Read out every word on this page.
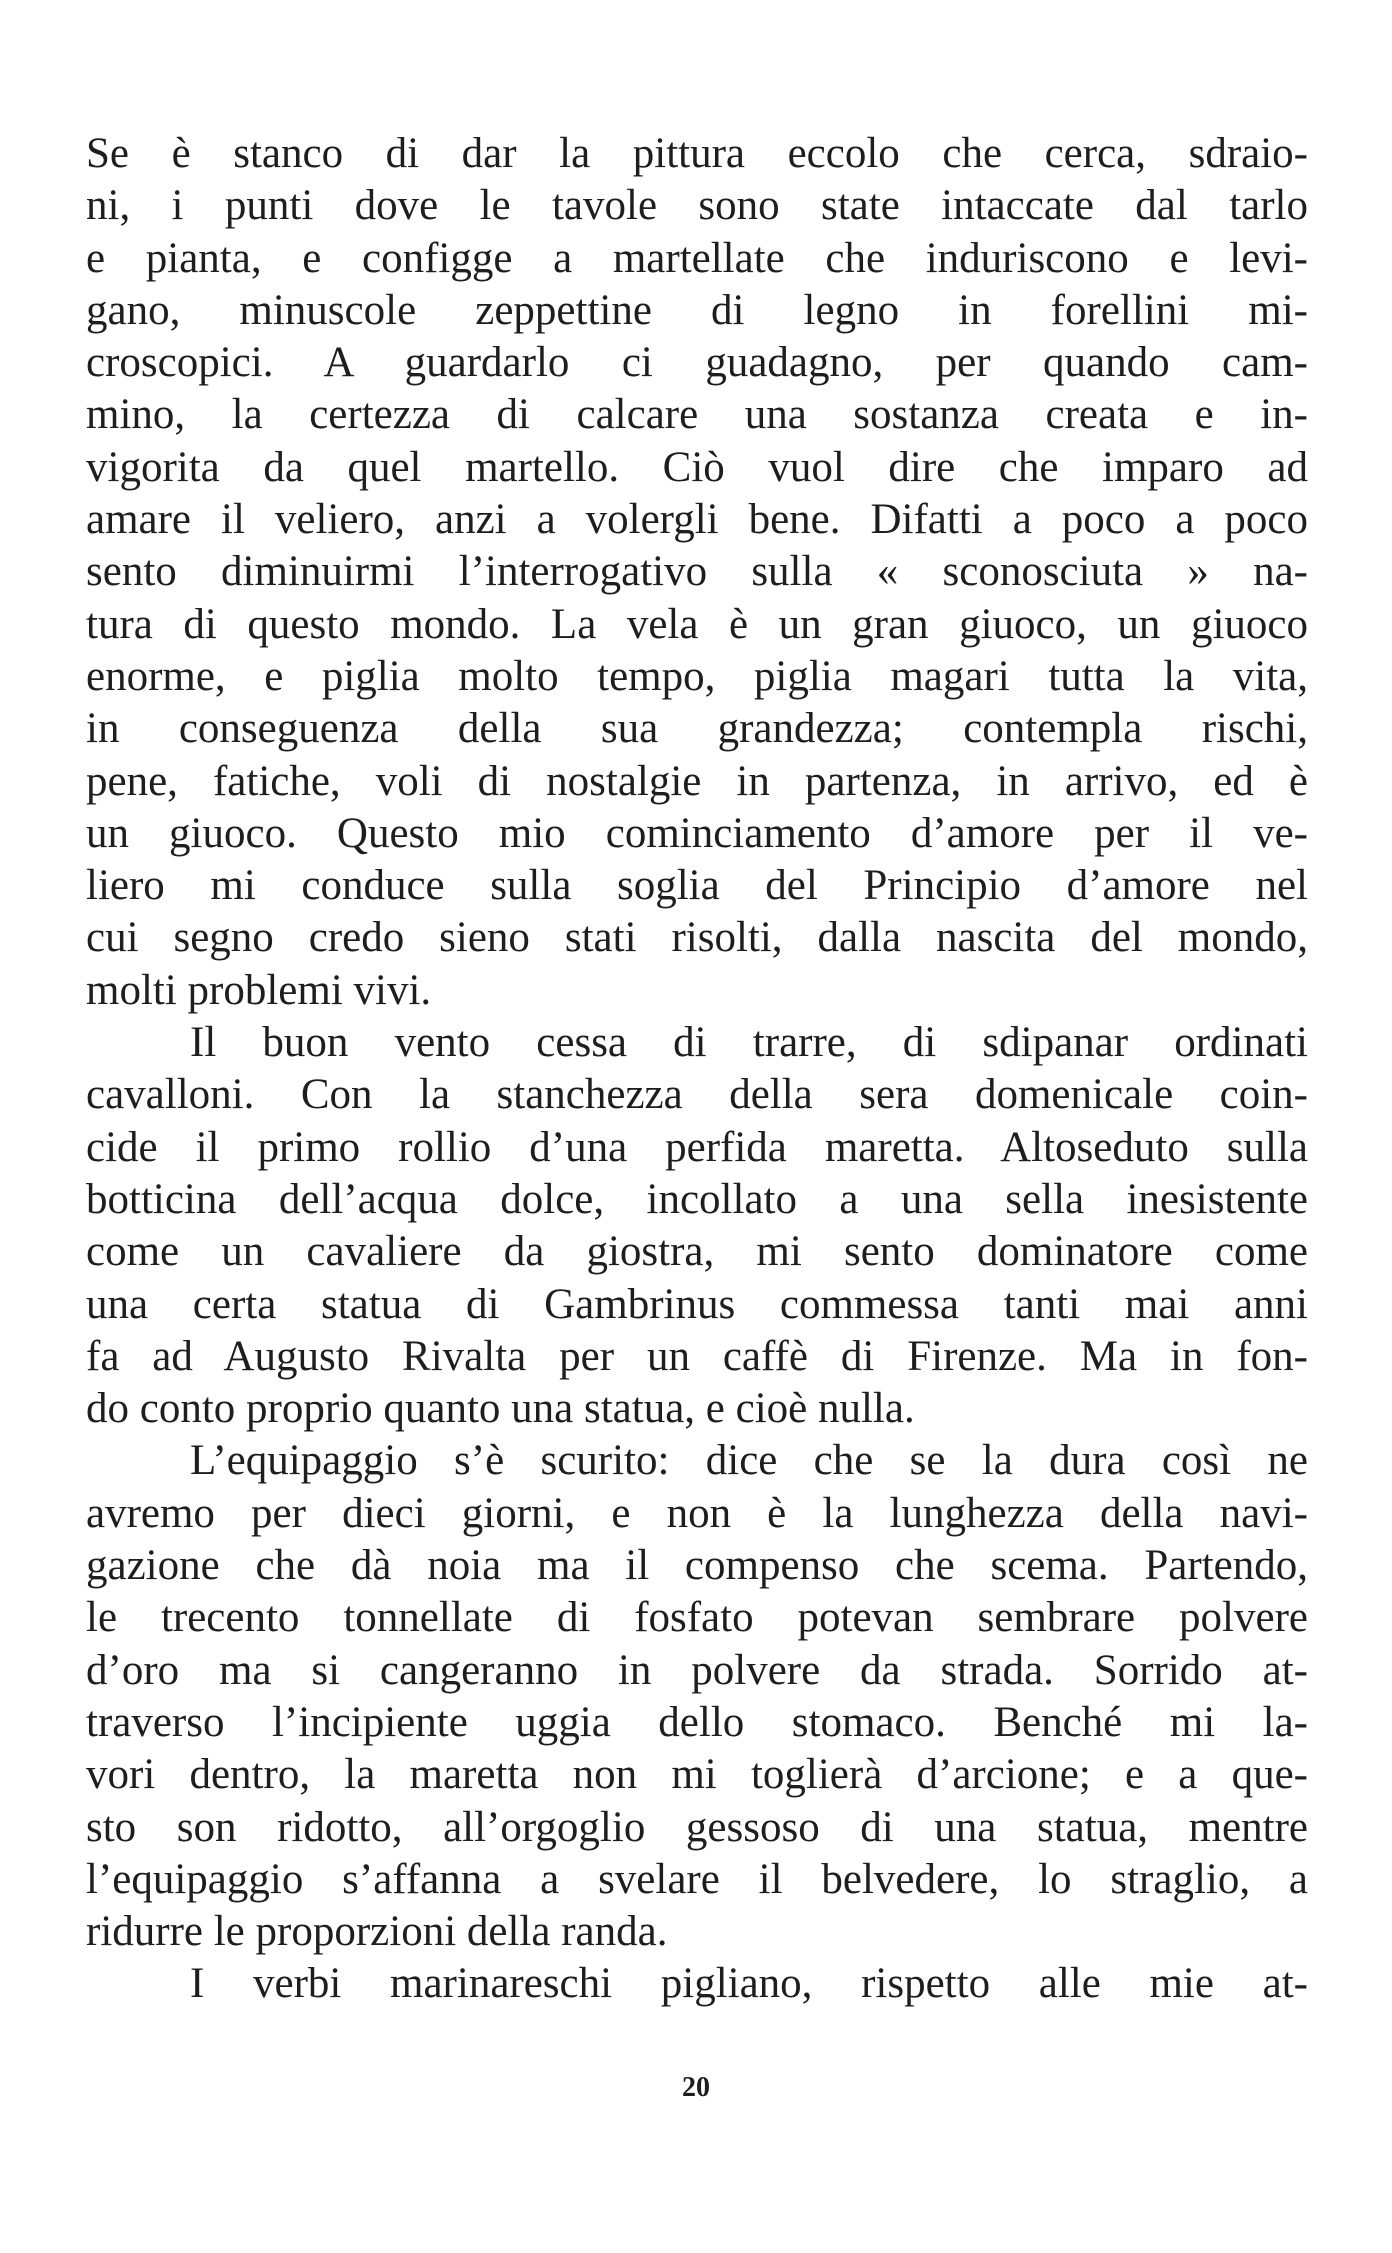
Se è stanco di dar la pittura eccolo che cerca, sdraio-
ni, i punti dove le tavole sono state intaccate dal tarlo
e pianta, e configge a martellate che induriscono e levi-
gano, minuscole zeppettine di legno in forellini mi-
croscopici. A guardarlo ci guadagno, per quando cam-
mino, la certezza di calcare una sostanza creata e in-
vigorita da quel martello. Ciò vuol dire che imparo ad
amare il veliero, anzi a volergli bene. Difatti a poco a poco
sento diminuirmi l’interrogativo sulla « sconosciuta » na-
tura di questo mondo. La vela è un gran giuoco, un giuoco
enorme, e piglia molto tempo, piglia magari tutta la vita,
in conseguenza della sua grandezza; contempla rischi,
pene, fatiche, voli di nostalgie in partenza, in arrivo, ed è
un giuoco. Questo mio cominciamento d’amore per il ve-
liero mi conduce sulla soglia del Principio d’amore nel
cui segno credo sieno stati risolti, dalla nascita del mondo,
molti problemi vivi.
Il buon vento cessa di trarre, di sdipanar ordinati
cavalloni. Con la stanchezza della sera domenicale coin-
cide il primo rollio d’una perfida maretta. Altoseduto sulla
botticina dell’acqua dolce, incollato a una sella inesistente
come un cavaliere da giostra, mi sento dominatore come
una certa statua di Gambrinus commessa tanti mai anni
fa ad Augusto Rivalta per un caffè di Firenze. Ma in fon-
do conto proprio quanto una statua, e cioè nulla.
L’equipaggio s’è scurito: dice che se la dura così ne
avremo per dieci giorni, e non è la lunghezza della navi-
gazione che dà noia ma il compenso che scema. Partendo,
le trecento tonnellate di fosfato potevan sembrare polvere
d’oro ma si cangeranno in polvere da strada. Sorrido at-
traverso l’incipiente uggia dello stomaco. Benché mi la-
vori dentro, la maretta non mi toglierà d’arcione; e a que-
sto son ridotto, all’orgoglio gessoso di una statua, mentre
l’equipaggio s’affanna a svelare il belvedere, lo straglio, a
ridurre le proporzioni della randa.
I verbi marinareschi pigliano, rispetto alle mie at-
20
